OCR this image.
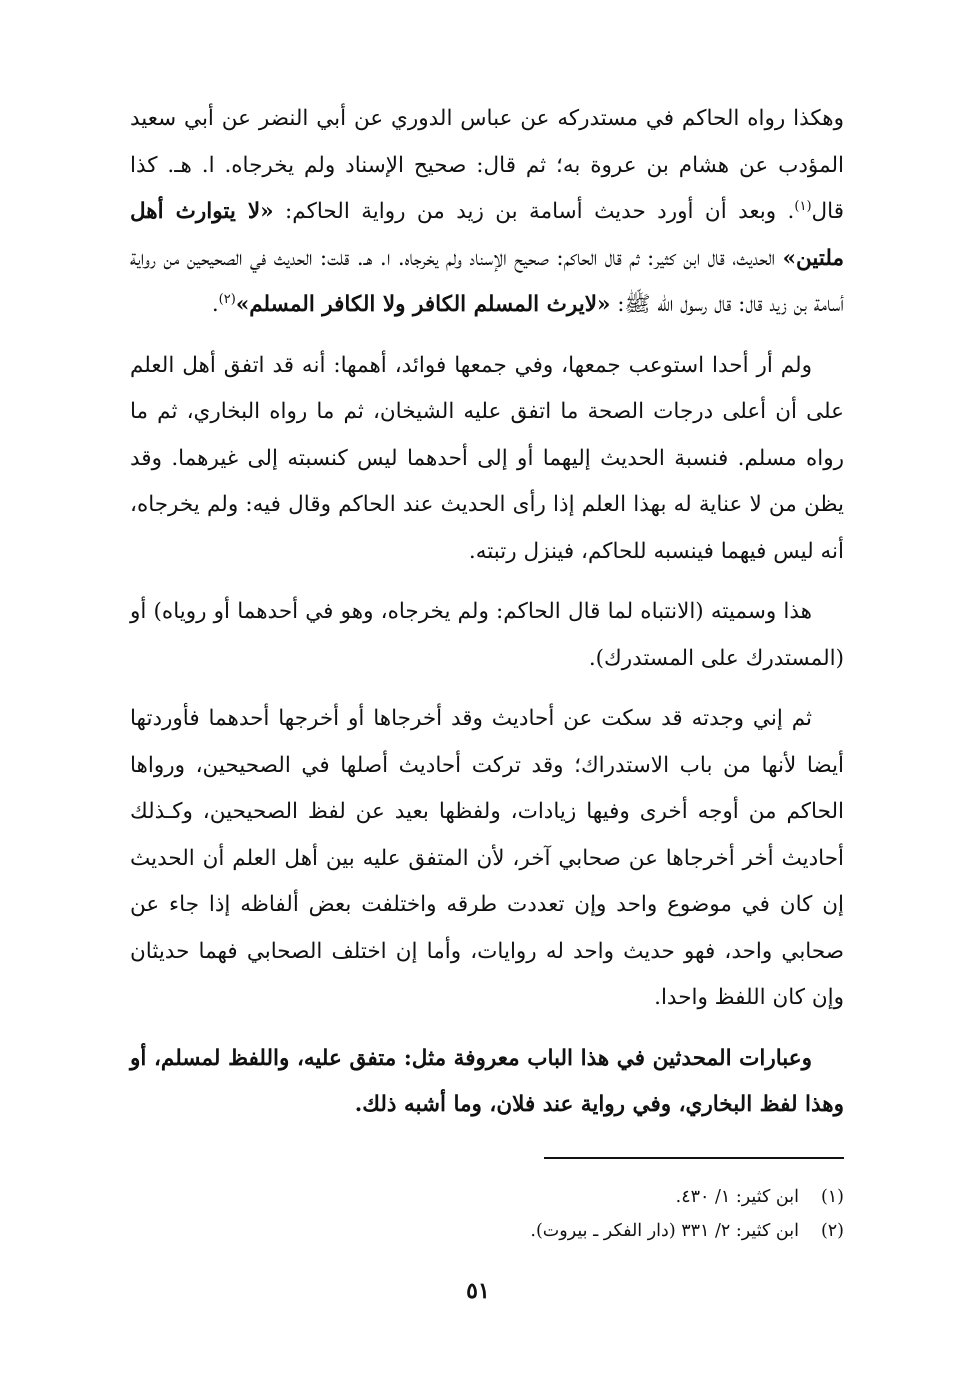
وهكذا رواه الحاكم في مستدركه عن عباس الدوري عن أبي النضر عن أبي سعيد المؤدب عن هشام بن عروة به؛ ثم قال: صحيح الإسناد ولم يخرجاه. ا. هـ. كذا قال$^{(١)}$. وبعد أن أورد حديث أسامة بن زيد من رواية الحاكم: «لا يتوارث أهل ملتين» الحديث، قال ابن كثير: ثم قال الحاكم: صحيح الإسناد ولم يخرجاه. ا. هـ. قلت: الحديث في الصحيحين من رواية أسامة بن زيد قال: قال رسول الله ﷺ: «لايرث المسلم الكافر ولا الكافر المسلم»$^{(٢)}$.

ولم أر أحدا استوعب جمعها، وفي جمعها فوائد، أهمها: أنه قد اتفق أهل العلم على أن أعلى درجات الصحة ما اتفق عليه الشيخان، ثم ما رواه البخاري، ثم ما رواه مسلم. فنسبة الحديث إليهما أو إلى أحدهما ليس كنسبته إلى غيرهما. وقد يظن من لا عناية له بهذا العلم إذا رأى الحديث عند الحاكم وقال فيه: ولم يخرجاه، أنه ليس فيهما فينسبه للحاكم، فينزل رتبته.

هذا وسميته (الانتباه لما قال الحاكم: ولم يخرجاه، وهو في أحدهما أو روياه) أو (المستدرك على المستدرك).

ثم إني وجدته قد سكت عن أحاديث وقد أخرجاها أو أخرجها أحدهما فأوردتها أيضا لأنها من باب الاستدراك؛ وقد تركت أحاديث أصلها في الصحيحين، ورواها الحاكم من أوجه أخرى وفيها زيادات، ولفظها بعيد عن لفظ الصحيحين، وكـذلك أحاديث أخر أخرجاها عن صحابي آخر، لأن المتفق عليه بين أهل العلم أن الحديث إن كان في موضوع واحد وإن تعددت طرقه واختلفت بعض ألفاظه إذا جاء عن صحابي واحد، فهو حديث واحد له روايات، وأما إن اختلف الصحابي فهما حديثان وإن كان اللفظ واحدا.

وعبارات المحدثين في هذا الباب معروفة مثل: متفق عليه، واللفظ لمسلم، أو وهذا لفظ البخاري، وفي رواية عند فلان، وما أشبه ذلك.

(١)
ابن كثير: ١/ ٤٣٠.
(٢)
ابن كثير: ٢/ ٣٣١ (دار الفكر ـ بيروت).
٥١
